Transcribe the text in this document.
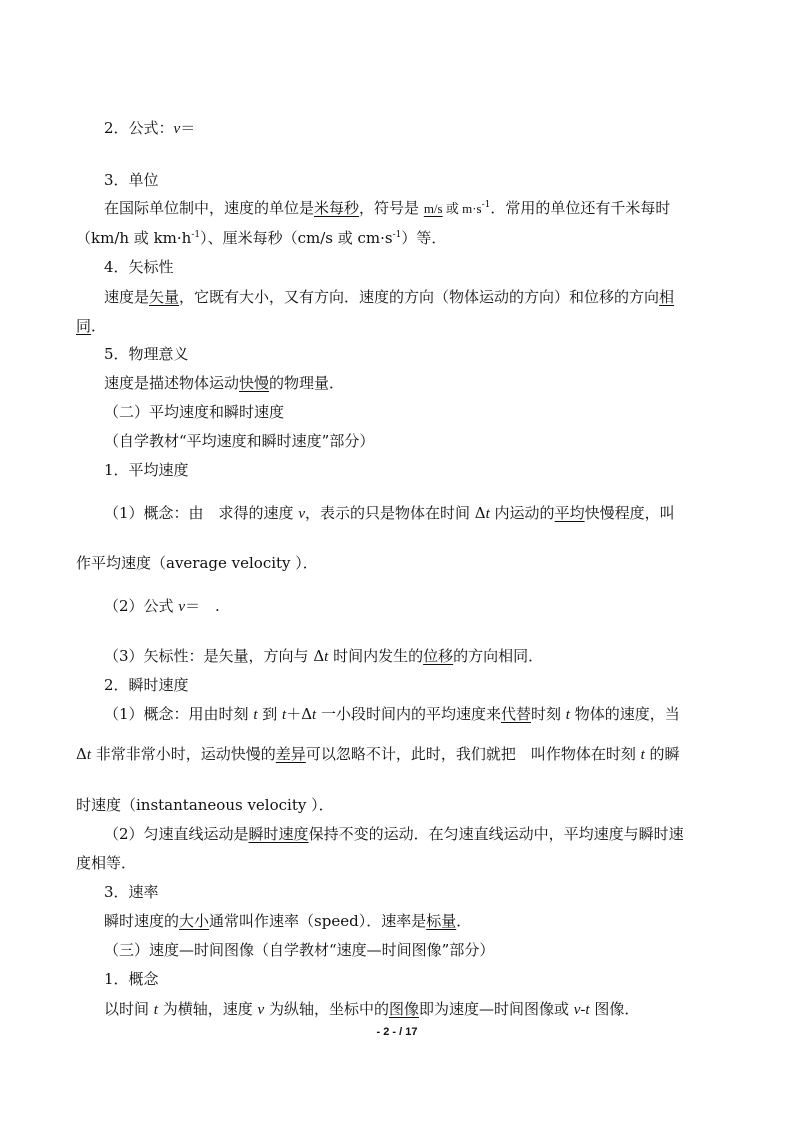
2．公式：v＝
3．单位
在国际单位制中，速度的单位是米每秒，符号是 m/s 或 $m\cdot s^{-1}$．常用的单位还有千米每时
（km/h 或 $km\cdot h^{-1}$）、厘米每秒（cm/s 或 $cm\cdot s^{-1}$）等．
4．矢标性
速度是矢量，它既有大小，又有方向．速度的方向（物体运动的方向）和位移的方向相
同．
5．物理意义
速度是描述物体运动快慢的物理量．
（二）平均速度和瞬时速度
（自学教材“平均速度和瞬时速度”部分）
1．平均速度
（1）概念：由　求得的速度 v，表示的只是物体在时间 Δt 内运动的平均快慢程度，叫
作平均速度（average velocity ）．
（2）公式 v＝　.
（3）矢标性：是矢量，方向与 Δt 时间内发生的位移的方向相同．
2．瞬时速度
（1）概念：用由时刻 t 到 t＋Δt 一小段时间内的平均速度来代替时刻 t 物体的速度，当
Δt 非常非常小时，运动快慢的差异可以忽略不计，此时，我们就把　叫作物体在时刻 t 的瞬
时速度（instantaneous velocity ）．
（2）匀速直线运动是瞬时速度保持不变的运动．在匀速直线运动中，平均速度与瞬时速
度相等．
3．速率
瞬时速度的大小通常叫作速率（speed）．速率是标量．
（三）速度—时间图像（自学教材“速度—时间图像”部分）
1．概念
以时间 t 为横轴，速度 v 为纵轴，坐标中的图像即为速度—时间图像或 v-t 图像．
- 2 - / 17
